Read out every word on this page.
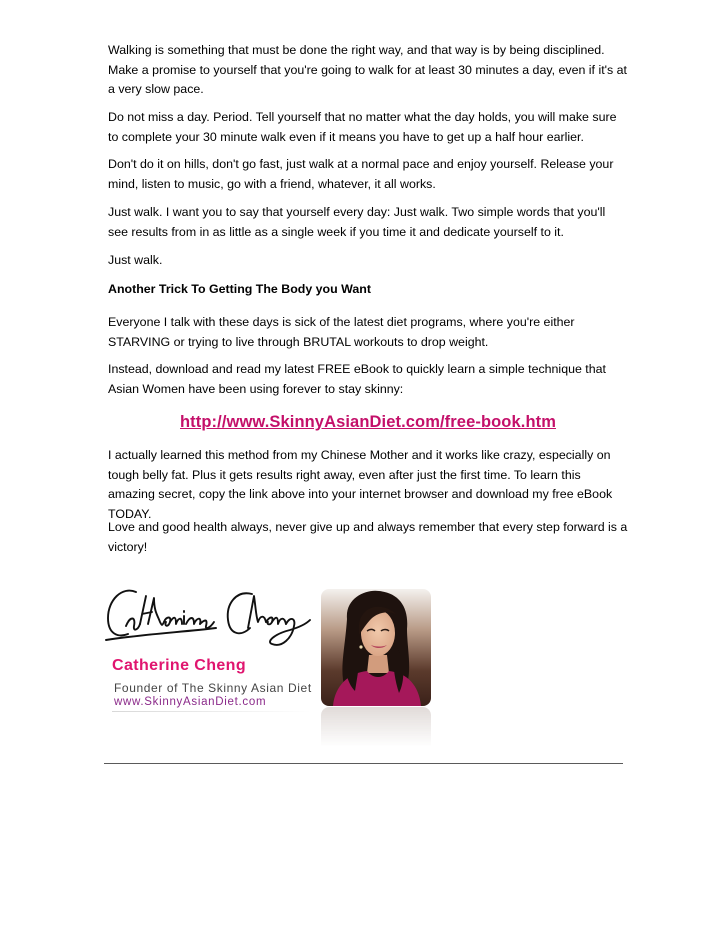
Walking is something that must be done the right way, and that way is by being disciplined. Make a promise to yourself that you're going to walk for at least 30 minutes a day, even if it's at a very slow pace.

Do not miss a day. Period. Tell yourself that no matter what the day holds, you will make sure to complete your 30 minute walk even if it means you have to get up a half hour earlier.

Don't do it on hills, don't go fast, just walk at a normal pace and enjoy yourself. Release your mind, listen to music, go with a friend, whatever, it all works.

Just walk. I want you to say that yourself every day: Just walk. Two simple words that you'll see results from in as little as a single week if you time it and dedicate yourself to it.

Just walk.

Another Trick To Getting The Body you Want

Everyone I talk with these days is sick of the latest diet programs, where you're either STARVING or trying to live through BRUTAL workouts to drop weight.

Instead, download and read my latest FREE eBook to quickly learn a simple technique that Asian Women have been using forever to stay skinny:

http://www.SkinnyAsianDiet.com/free-book.htm

I actually learned this method from my Chinese Mother and it works like crazy, especially on tough belly fat. Plus it gets results right away, even after just the first time. To learn this amazing secret, copy the link above into your internet browser and download my free eBook TODAY.

Love and good health always, never give up and always remember that every step forward is a victory!

Catherine Cheng

Founder of The Skinny Asian Diet

www.SkinnyAsianDiet.com
